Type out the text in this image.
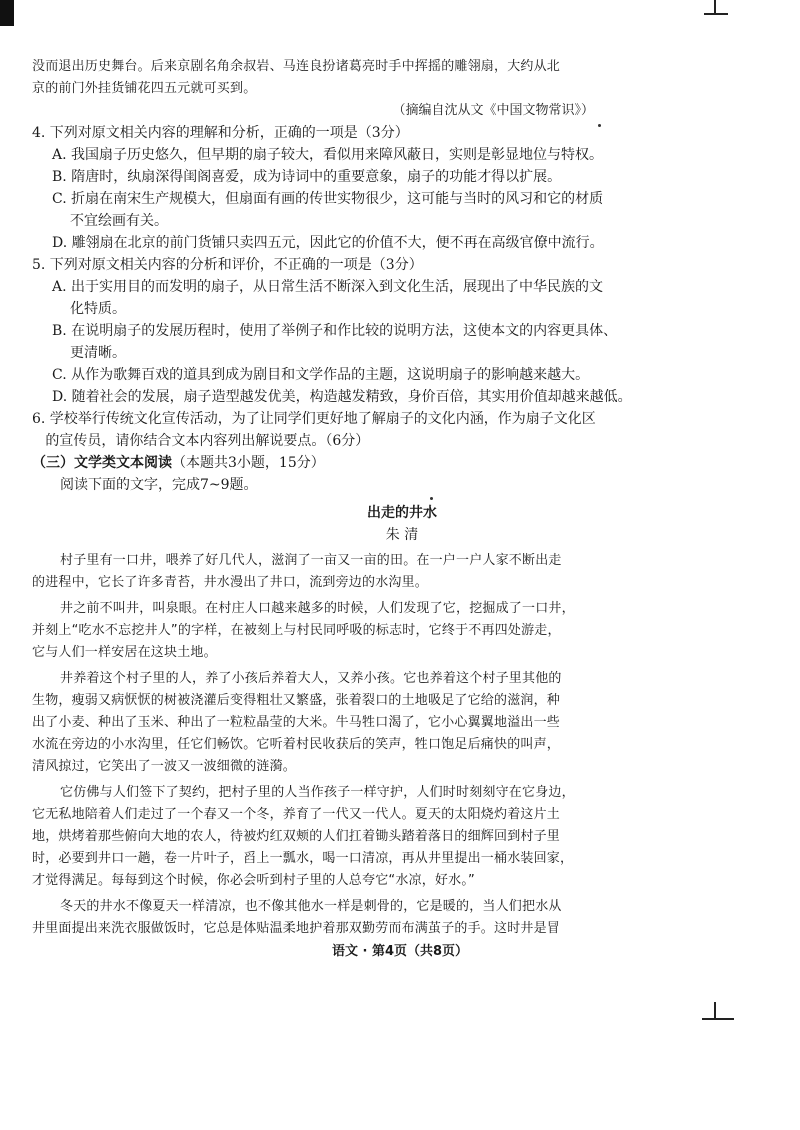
没而退出历史舞台。后来京剧名角余叔岩、马连良扮诸葛亮时手中挥摇的雕翎扇，大约从北

京的前门外挂货铺花四五元就可买到。

（摘编自沈从文《中国文物常识》）

4. 下列对原文相关内容的理解和分析，正确的一项是（3分）

A. 我国扇子历史悠久，但早期的扇子较大，看似用来障风蔽日，实则是彰显地位与特权。

B. 隋唐时，纨扇深得闺阁喜爱，成为诗词中的重要意象，扇子的功能才得以扩展。

C. 折扇在南宋生产规模大，但扇面有画的传世实物很少，这可能与当时的风习和它的材质

不宜绘画有关。

D. 雕翎扇在北京的前门货铺只卖四五元，因此它的价值不大，便不再在高级官僚中流行。

5. 下列对原文相关内容的分析和评价，不正确的一项是（3分）

A. 出于实用目的而发明的扇子，从日常生活不断深入到文化生活，展现出了中华民族的文

化特质。

B. 在说明扇子的发展历程时，使用了举例子和作比较的说明方法，这使本文的内容更具体、

更清晰。

C. 从作为歌舞百戏的道具到成为剧目和文学作品的主题，这说明扇子的影响越来越大。

D. 随着社会的发展，扇子造型越发优美，构造越发精致，身价百倍，其实用价值却越来越低。

6. 学校举行传统文化宣传活动，为了让同学们更好地了解扇子的文化内涵，作为扇子文化区

的宣传员，请你结合文本内容列出解说要点。（6分）

（三）文学类文本阅读（本题共3小题，15分）

阅读下面的文字，完成7~9题。

出走的井水

朱 清

村子里有一口井，喂养了好几代人，滋润了一亩又一亩的田。在一户一户人家不断出走

的进程中，它长了许多青苔，井水漫出了井口，流到旁边的水沟里。

井之前不叫井，叫泉眼。在村庄人口越来越多的时候，人们发现了它，挖掘成了一口井，

并刻上“吃水不忘挖井人”的字样，在被刻上与村民同呼吸的标志时，它终于不再四处游走，

它与人们一样安居在这块土地。

井养着这个村子里的人，养了小孩后养着大人，又养小孩。它也养着这个村子里其他的

生物，瘦弱又病恹恹的树被浇灌后变得粗壮又繁盛，张着裂口的土地吸足了它给的滋润，种

出了小麦、种出了玉米、种出了一粒粒晶莹的大米。牛马牲口渴了，它小心翼翼地溢出一些

水流在旁边的小水沟里，任它们畅饮。它听着村民收获后的笑声，牲口饱足后痛快的叫声，

清风掠过，它笑出了一波又一波细微的涟漪。

它仿佛与人们签下了契约，把村子里的人当作孩子一样守护，人们时时刻刻守在它身边，

它无私地陪着人们走过了一个春又一个冬，养育了一代又一代人。夏天的太阳烧灼着这片土

地，烘烤着那些俯向大地的农人，待被灼红双颊的人们扛着锄头踏着落日的细辉回到村子里

时，必要到井口一趟，卷一片叶子，舀上一瓢水，喝一口清凉，再从井里提出一桶水装回家，

才觉得满足。每每到这个时候，你必会听到村子里的人总夸它“水凉，好水。”

冬天的井水不像夏天一样清凉，也不像其他水一样是刺骨的，它是暖的，当人们把水从

井里面提出来洗衣服做饭时，它总是体贴温柔地护着那双勤劳而布满茧子的手。这时井是冒

语文 · 第4页（共8页）
